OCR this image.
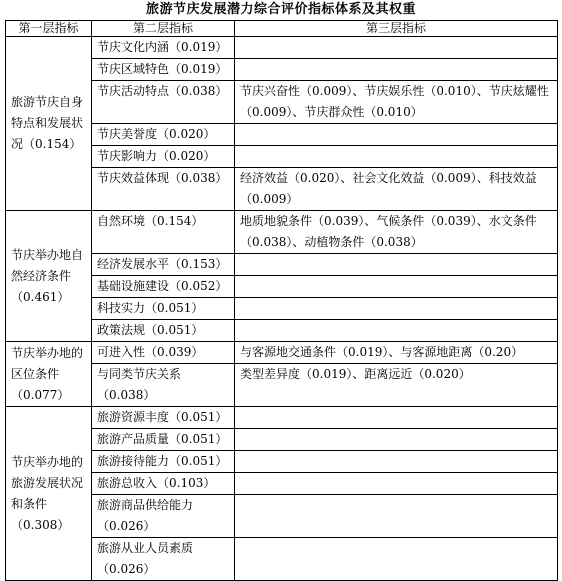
旅游节庆发展潜力综合评价指标体系及其权重
第一层指标	第二层指标	第三层指标
旅游节庆自身特点和发展状况（0.154）	节庆文化内涵（0.019）	
	节庆区域特色（0.019）	
	节庆活动特点（0.038）	节庆兴奋性（0.009）、节庆娱乐性（0.010）、节庆炫耀性（0.009）、节庆群众性（0.010）
	节庆美誉度（0.020）	
	节庆影响力（0.020）	
	节庆效益体现（0.038）	经济效益（0.020）、社会文化效益（0.009）、科技效益（0.009）
节庆举办地自然经济条件（0.461）	自然环境（0.154）	地质地貌条件（0.039）、气候条件（0.039）、水文条件（0.038）、动植物条件（0.038）
	经济发展水平（0.153）	
	基础设施建设（0.052）	
	科技实力（0.051）	
	政策法规（0.051）	
节庆举办地的区位条件（0.077）	可进入性（0.039）	与客源地交通条件（0.019）、与客源地距离（0.20）
	与同类节庆关系（0.038）	类型差异度（0.019）、距离远近（0.020）
节庆举办地的旅游发展状况和条件（0.308）	旅游资源丰度（0.051）	
	旅游产品质量（0.051）	
	旅游接待能力（0.051）	
	旅游总收入（0.103）	
	旅游商品供给能力（0.026）	
	旅游从业人员素质（0.026）	
